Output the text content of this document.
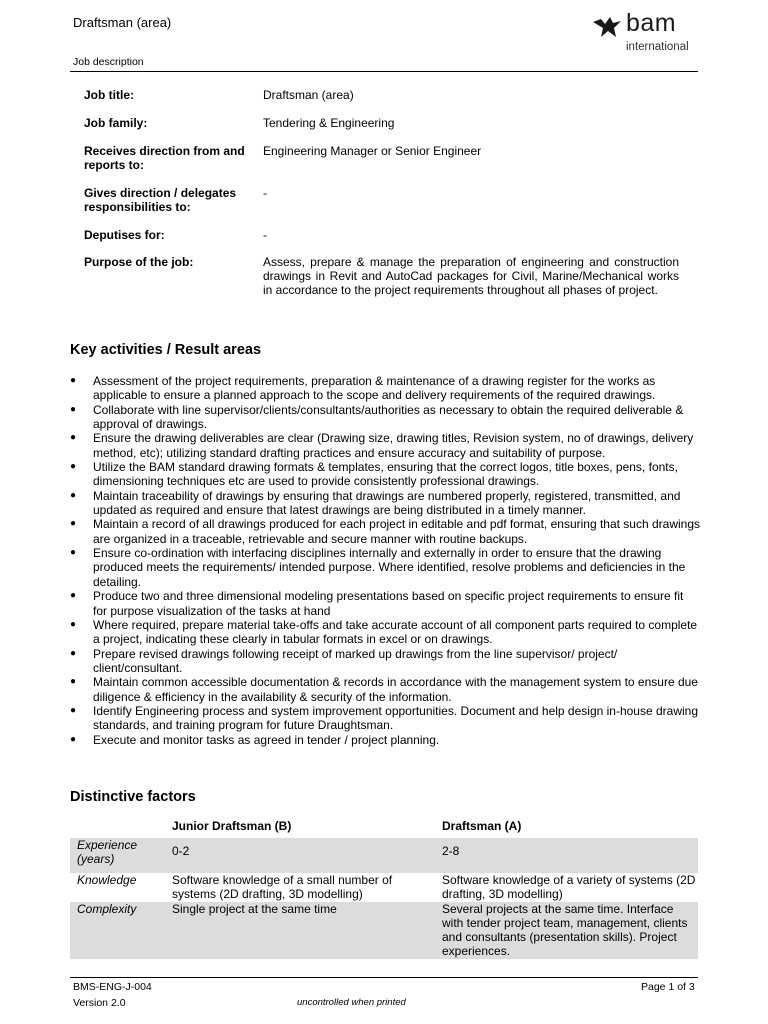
Draftsman (area)	bam
international
Job description
Job title:	Draftsman (area)
Job family:	Tendering & Engineering
Receives direction from and reports to:
Engineering Manager or Senior Engineer
Gives direction / delegates responsibilities to:
-
Deputises for:	-
Purpose of the job:	Assess, prepare & manage the preparation of engineering and construction drawings in Revit and AutoCad packages for Civil, Marine/Mechanical works in accordance to the project requirements throughout all phases of project.
Key activities / Result areas
● Assessment of the project requirements, preparation & maintenance of a drawing register for the works as applicable to ensure a planned approach to the scope and delivery requirements of the required drawings.
● Collaborate with line supervisor/clients/consultants/authorities as necessary to obtain the required deliverable & approval of drawings.
● Ensure the drawing deliverables are clear (Drawing size, drawing titles, Revision system, no of drawings, delivery method, etc); utilizing standard drafting practices and ensure accuracy and suitability of purpose.
● Utilize the BAM standard drawing formats & templates, ensuring that the correct logos, title boxes, pens, fonts, dimensioning techniques etc are used to provide consistently professional drawings.
● Maintain traceability of drawings by ensuring that drawings are numbered properly, registered, transmitted, and updated as required and ensure that latest drawings are being distributed in a timely manner.
● Maintain a record of all drawings produced for each project in editable and pdf format, ensuring that such drawings are organized in a traceable, retrievable and secure manner with routine backups.
● Ensure co-ordination with interfacing disciplines internally and externally in order to ensure that the drawing produced meets the requirements/ intended purpose. Where identified, resolve problems and deficiencies in the detailing.
● Produce two and three dimensional modeling presentations based on specific project requirements to ensure fit for purpose visualization of the tasks at hand
● Where required, prepare material take-offs and take accurate account of all component parts required to complete a project, indicating these clearly in tabular formats in excel or on drawings.
● Prepare revised drawings following receipt of marked up drawings from the line supervisor/ project/ client/consultant.
● Maintain common accessible documentation & records in accordance with the management system to ensure due diligence & efficiency in the availability & security of the information.
● Identify Engineering process and system improvement opportunities. Document and help design in-house drawing standards, and training program for future Draughtsman.
● Execute and monitor tasks as agreed in tender / project planning.
Distinctive factors
	Junior Draftsman (B)	Draftsman (A)
Experience (years)	0-2	2-8
Knowledge	Software knowledge of a small number of systems (2D drafting, 3D modelling)	Software knowledge of a variety of systems (2D drafting, 3D modelling)
Complexity	Single project at the same time	Several projects at the same time. Interface with tender project team, management, clients and consultants (presentation skills). Project experiences.
BMS-ENG-J-004
Version 2.0	uncontrolled when printed
Page 1 of 3
